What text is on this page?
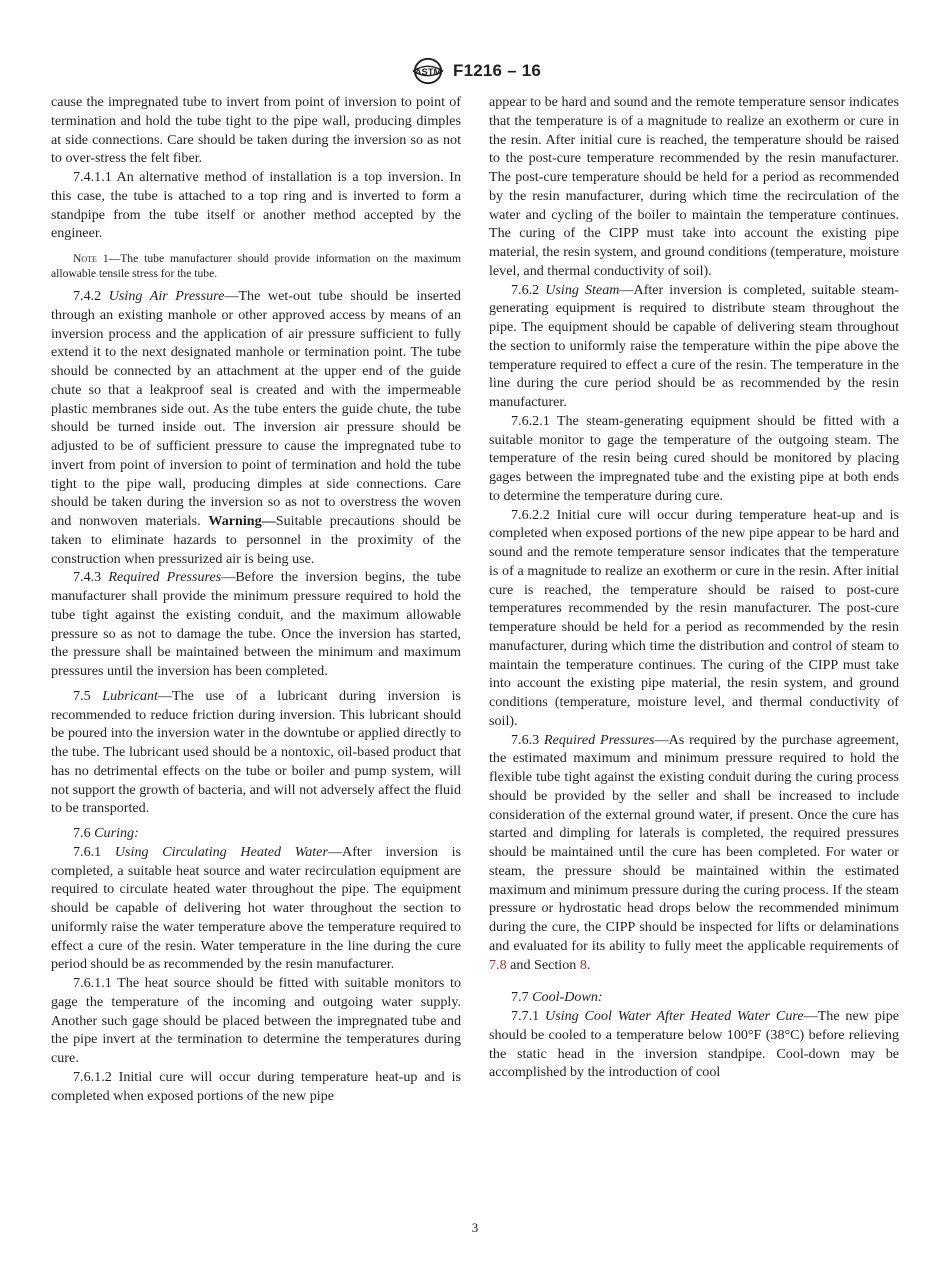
ASTM F1216 – 16

cause the impregnated tube to invert from point of inversion to point of termination and hold the tube tight to the pipe wall, producing dimples at side connections. Care should be taken during the inversion so as not to over-stress the felt fiber.

7.4.1.1 An alternative method of installation is a top inversion. In this case, the tube is attached to a top ring and is inverted to form a standpipe from the tube itself or another method accepted by the engineer.

Note 1—The tube manufacturer should provide information on the maximum allowable tensile stress for the tube.

7.4.2 Using Air Pressure—The wet-out tube should be inserted through an existing manhole or other approved access by means of an inversion process and the application of air pressure sufficient to fully extend it to the next designated manhole or termination point. The tube should be connected by an attachment at the upper end of the guide chute so that a leakproof seal is created and with the impermeable plastic membranes side out. As the tube enters the guide chute, the tube should be turned inside out. The inversion air pressure should be adjusted to be of sufficient pressure to cause the impregnated tube to invert from point of inversion to point of termination and hold the tube tight to the pipe wall, producing dimples at side connections. Care should be taken during the inversion so as not to overstress the woven and nonwoven materials. Warning—Suitable precautions should be taken to eliminate hazards to personnel in the proximity of the construction when pressurized air is being use.

7.4.3 Required Pressures—Before the inversion begins, the tube manufacturer shall provide the minimum pressure required to hold the tube tight against the existing conduit, and the maximum allowable pressure so as not to damage the tube. Once the inversion has started, the pressure shall be maintained between the minimum and maximum pressures until the inversion has been completed.

7.5 Lubricant—The use of a lubricant during inversion is recommended to reduce friction during inversion. This lubricant should be poured into the inversion water in the downtube or applied directly to the tube. The lubricant used should be a nontoxic, oil-based product that has no detrimental effects on the tube or boiler and pump system, will not support the growth of bacteria, and will not adversely affect the fluid to be transported.

7.6 Curing:

7.6.1 Using Circulating Heated Water—After inversion is completed, a suitable heat source and water recirculation equipment are required to circulate heated water throughout the pipe. The equipment should be capable of delivering hot water throughout the section to uniformly raise the water temperature above the temperature required to effect a cure of the resin. Water temperature in the line during the cure period should be as recommended by the resin manufacturer.

7.6.1.1 The heat source should be fitted with suitable monitors to gage the temperature of the incoming and outgoing water supply. Another such gage should be placed between the impregnated tube and the pipe invert at the termination to determine the temperatures during cure.

7.6.1.2 Initial cure will occur during temperature heat-up and is completed when exposed portions of the new pipe

appear to be hard and sound and the remote temperature sensor indicates that the temperature is of a magnitude to realize an exotherm or cure in the resin. After initial cure is reached, the temperature should be raised to the post-cure temperature recommended by the resin manufacturer. The post-cure temperature should be held for a period as recommended by the resin manufacturer, during which time the recirculation of the water and cycling of the boiler to maintain the temperature continues. The curing of the CIPP must take into account the existing pipe material, the resin system, and ground conditions (temperature, moisture level, and thermal conductivity of soil).

7.6.2 Using Steam—After inversion is completed, suitable steam-generating equipment is required to distribute steam throughout the pipe. The equipment should be capable of delivering steam throughout the section to uniformly raise the temperature within the pipe above the temperature required to effect a cure of the resin. The temperature in the line during the cure period should be as recommended by the resin manufacturer.

7.6.2.1 The steam-generating equipment should be fitted with a suitable monitor to gage the temperature of the outgoing steam. The temperature of the resin being cured should be monitored by placing gages between the impregnated tube and the existing pipe at both ends to determine the temperature during cure.

7.6.2.2 Initial cure will occur during temperature heat-up and is completed when exposed portions of the new pipe appear to be hard and sound and the remote temperature sensor indicates that the temperature is of a magnitude to realize an exotherm or cure in the resin. After initial cure is reached, the temperature should be raised to post-cure temperatures recommended by the resin manufacturer. The post-cure temperature should be held for a period as recommended by the resin manufacturer, during which time the distribution and control of steam to maintain the temperature continues. The curing of the CIPP must take into account the existing pipe material, the resin system, and ground conditions (temperature, moisture level, and thermal conductivity of soil).

7.6.3 Required Pressures—As required by the purchase agreement, the estimated maximum and minimum pressure required to hold the flexible tube tight against the existing conduit during the curing process should be provided by the seller and shall be increased to include consideration of the external ground water, if present. Once the cure has started and dimpling for laterals is completed, the required pressures should be maintained until the cure has been completed. For water or steam, the pressure should be maintained within the estimated maximum and minimum pressure during the curing process. If the steam pressure or hydrostatic head drops below the recommended minimum during the cure, the CIPP should be inspected for lifts or delaminations and evaluated for its ability to fully meet the applicable requirements of 7.8 and Section 8.

7.7 Cool-Down:

7.7.1 Using Cool Water After Heated Water Cure—The new pipe should be cooled to a temperature below 100°F (38°C) before relieving the static head in the inversion standpipe. Cool-down may be accomplished by the introduction of cool

3
